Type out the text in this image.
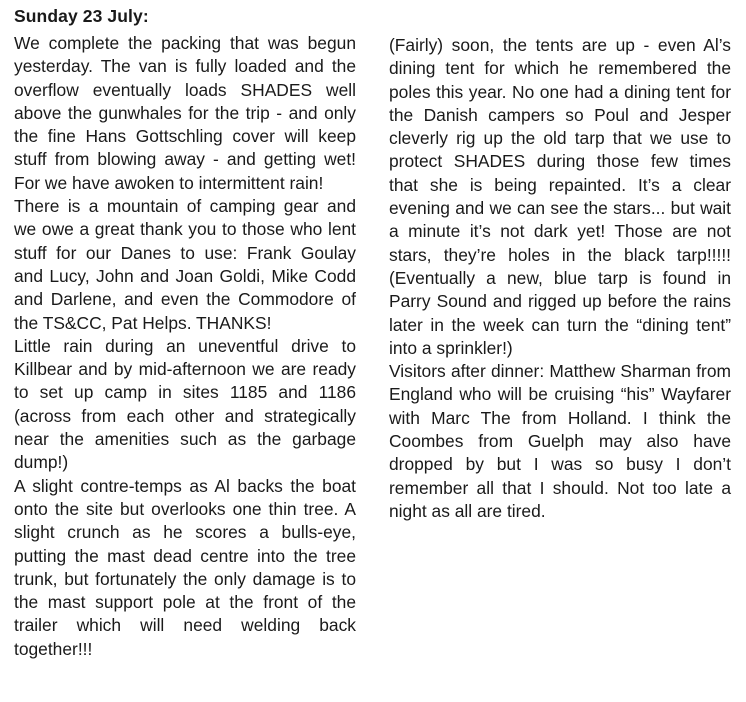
Sunday 23 July:

We complete the packing that was begun yesterday. The van is fully loaded and the overflow eventually loads SHADES well above the gunwhales for the trip - and only the fine Hans Gottschling cover will keep stuff from blowing away - and getting wet! For we have awoken to intermittent rain!

There is a mountain of camping gear and we owe a great thank you to those who lent stuff for our Danes to use: Frank Goulay and Lucy, John and Joan Goldi, Mike Codd and Darlene, and even the Commodore of the TS&CC, Pat Helps. THANKS!

Little rain during an uneventful drive to Killbear and by mid-afternoon we are ready to set up camp in sites 1185 and 1186 (across from each other and strategically near the amenities such as the garbage dump!)

A slight contre-temps as Al backs the boat onto the site but overlooks one thin tree. A slight crunch as he scores a bulls-eye, putting the mast dead centre into the tree trunk, but fortunately the only damage is to the mast support pole at the front of the trailer which will need welding back together!!!

(Fairly) soon, the tents are up - even Al’s dining tent for which he remembered the poles this year. No one had a dining tent for the Danish campers so Poul and Jesper cleverly rig up the old tarp that we use to protect SHADES during those few times that she is being repainted. It’s a clear evening and we can see the stars... but wait a minute it’s not dark yet! Those are not stars, they’re holes in the black tarp!!!!! (Eventually a new, blue tarp is found in Parry Sound and rigged up before the rains later in the week can turn the “dining tent” into a sprinkler!)

Visitors after dinner: Matthew Sharman from England who will be cruising “his” Wayfarer with Marc The from Holland. I think the Coombes from Guelph may also have dropped by but I was so busy I don’t remember all that I should. Not too late a night as all are tired.
